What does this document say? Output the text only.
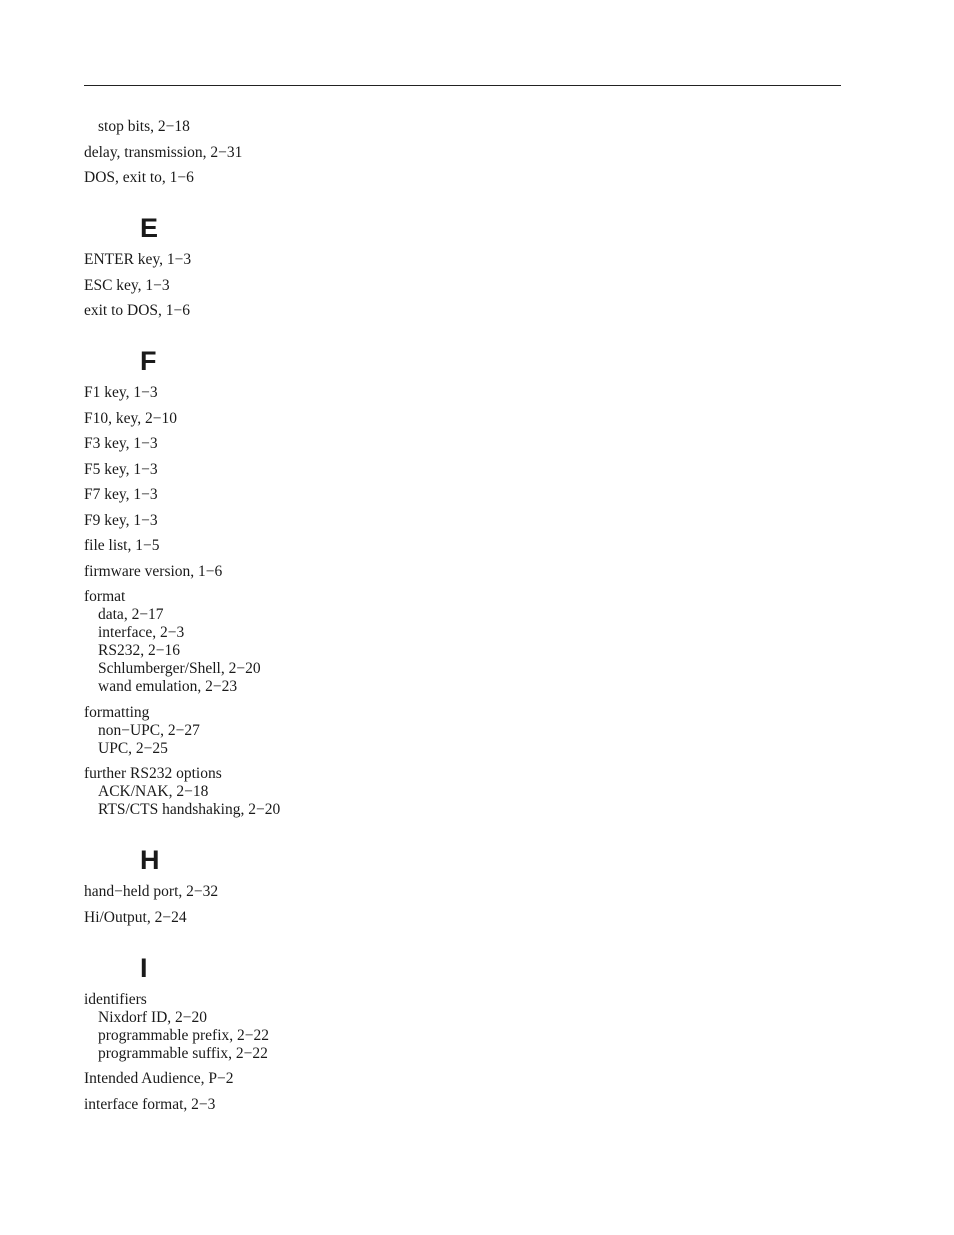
stop bits, 2−18
delay, transmission, 2−31
DOS, exit to, 1−6
E
ENTER key, 1−3
ESC key, 1−3
exit to DOS, 1−6
F
F1 key, 1−3
F10, key, 2−10
F3 key, 1−3
F5 key, 1−3
F7 key, 1−3
F9 key, 1−3
file list, 1−5
firmware version, 1−6
format
data, 2−17
interface, 2−3
RS232, 2−16
Schlumberger/Shell, 2−20
wand emulation, 2−23
formatting
non−UPC, 2−27
UPC, 2−25
further RS232 options
ACK/NAK, 2−18
RTS/CTS handshaking, 2−20
H
hand−held port, 2−32
Hi/Output, 2−24
I
identifiers
Nixdorf ID, 2−20
programmable prefix, 2−22
programmable suffix, 2−22
Intended Audience, P−2
interface format, 2−3
